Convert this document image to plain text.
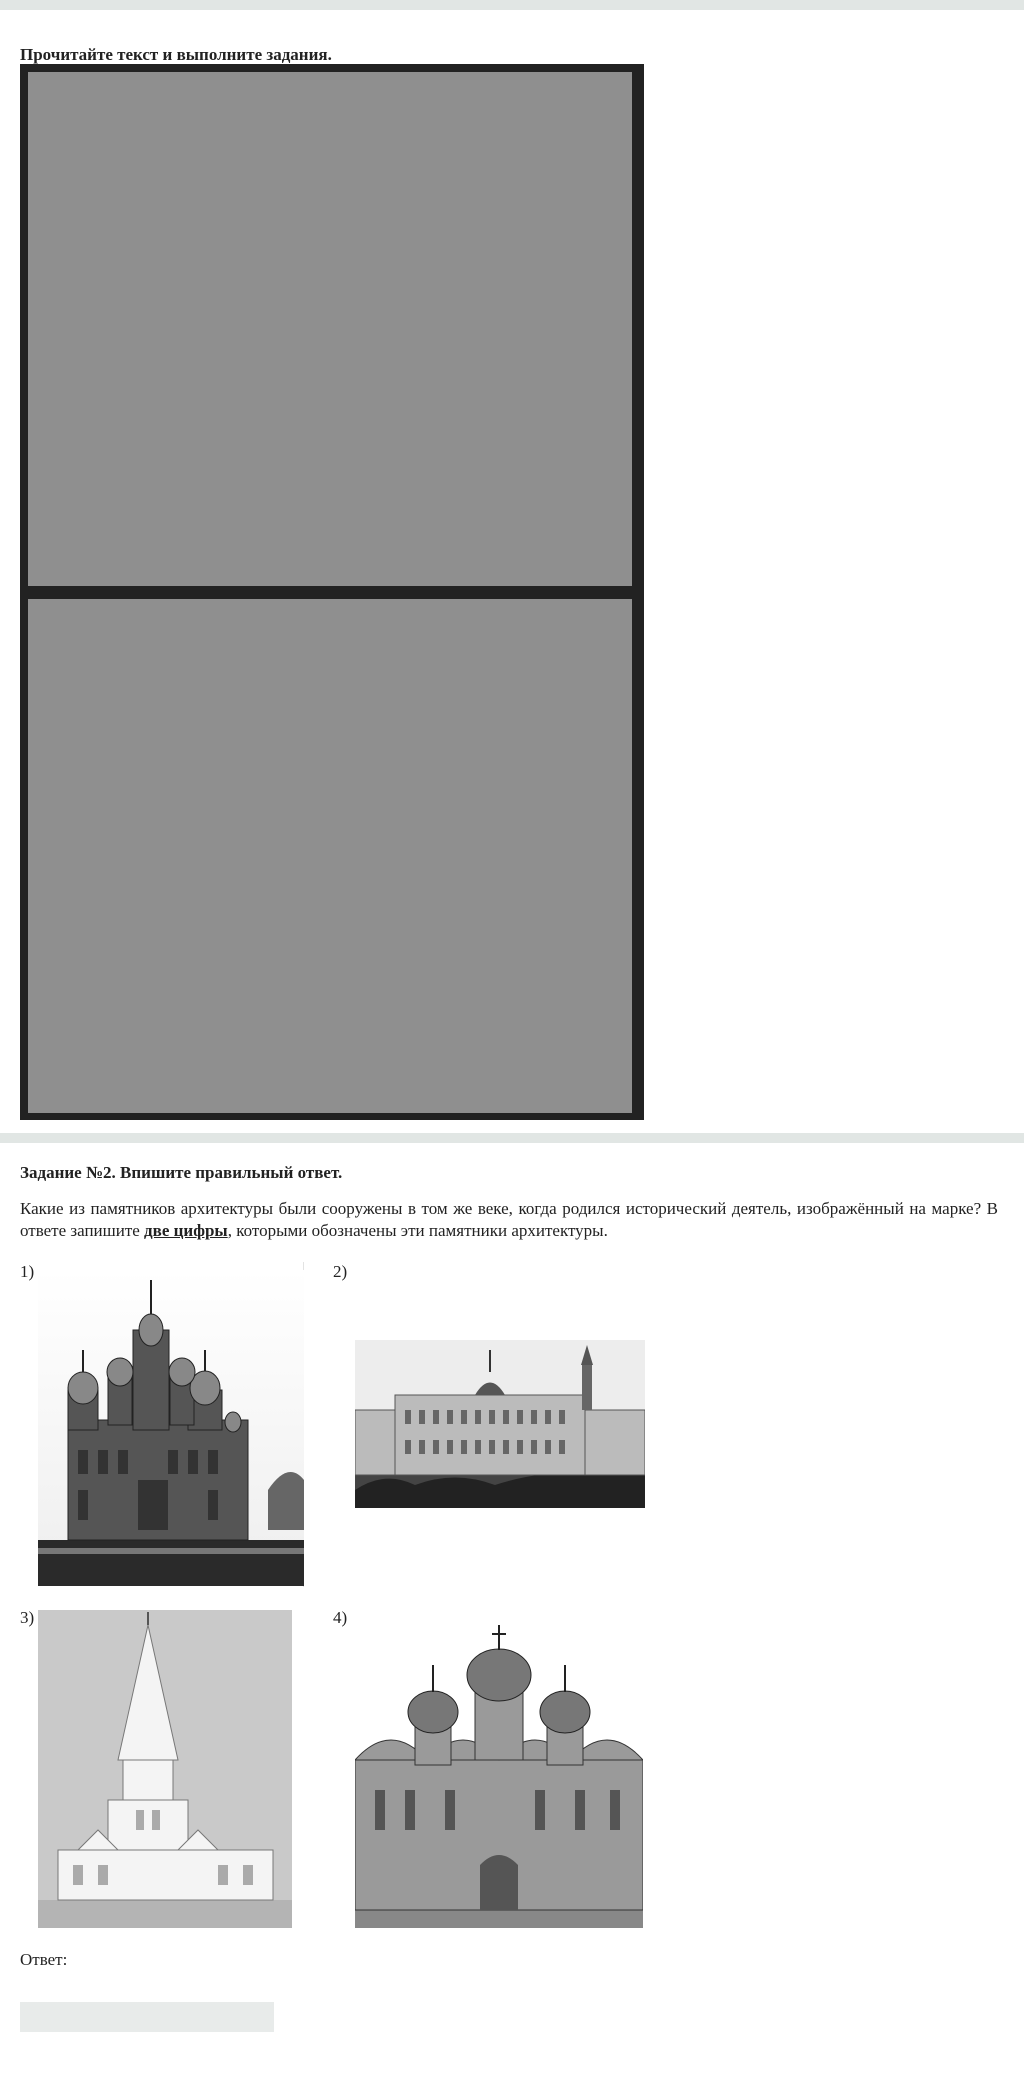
Прочитайте текст и выполните задания.
Задание №2. Впишите правильный ответ.
Какие из памятников архитектуры были сооружены в том же веке, когда родился исторический деятель, изображённый на марке? В ответе запишите две цифры, которыми обозначены эти памятники архитектуры.
1)	2)
3)	4)
Ответ:
